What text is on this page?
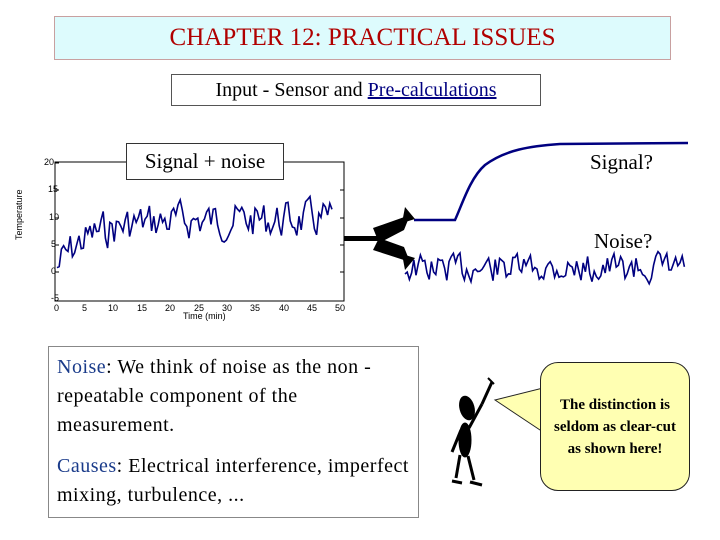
CHAPTER 12: PRACTICAL ISSUES
Input - Sensor and Pre-calculations
Signal + noise
20
15
10
5
0
-5
0	5 10 15 20 25 30 35 40 45 50
Time (min)
Temperature
Signal?
Noise?
Noise: We think of noise as the non -repeatable component of the measurement.
Causes: Electrical interference, imperfect mixing, turbulence, ...
The distinction is seldom as clear-cut as shown here!
